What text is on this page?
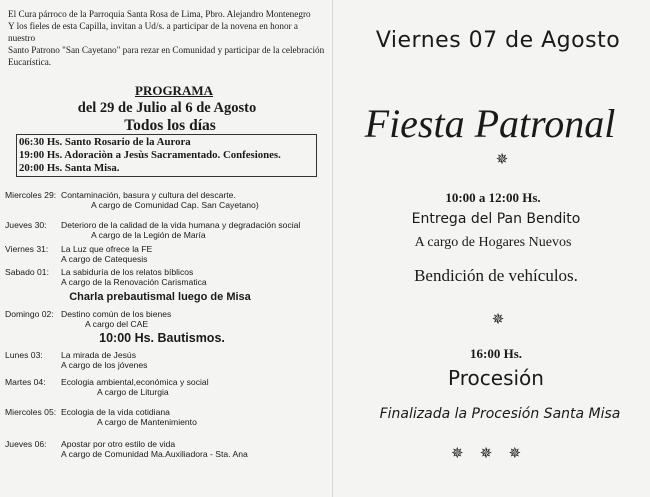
El Cura párroco de la Parroquia Santa Rosa de Lima, Pbro. Alejandro Montenegro
Y los fieles de esta Capilla, invitan a Ud/s. a participar de la novena en honor a nuestro
Santo Patrono "San Cayetano" para rezar en Comunidad y participar de la celebración
Eucarística.
PROGRAMA
del 29 de Julio al 6 de Agosto
Todos los días
06:30 Hs. Santo Rosario de la Aurora
19:00 Hs. Adoraciòn a Jesùs Sacramentado. Confesiones.
20:00 Hs. Santa Misa.
Miercoles 29: Contaminación, basura y cultura del descarte.
A cargo de Comunidad Cap. San Cayetano)
Jueves 30: Deterioro de la calidad de la vida humana y degradación social
A cargo de la Legión de María
Viernes 31: La Luz que ofrece la FE
A cargo de Catequesis
Sabado 01: La sabiduría de los relatos bíblicos
A cargo de la Renovación Carismatica
Charla prebautismal luego de Misa
Domingo 02: Destino común de los bienes
A cargo del CAE
10:00 Hs. Bautismos.
Lunes 03: La mirada de Jesús
A cargo de los jóvenes
Martes 04: Ecologia ambiental,económica y social
A cargo de Liturgia
Miercoles 05: Ecologia de la vida cotidiana
A cargo de Mantenimiento
Jueves 06: Apostar por otro estilo de vida
A cargo de Comunidad Ma.Auxiliadora - Sta. Ana
Viernes 07 de Agosto
Fiesta Patronal
✵
10:00 a 12:00 Hs.
Entrega del Pan Bendito
A cargo de Hogares Nuevos
Bendición de vehículos.
✵
16:00 Hs.
Procesión
Finalizada la Procesión Santa Misa
✵ ✵ ✵
